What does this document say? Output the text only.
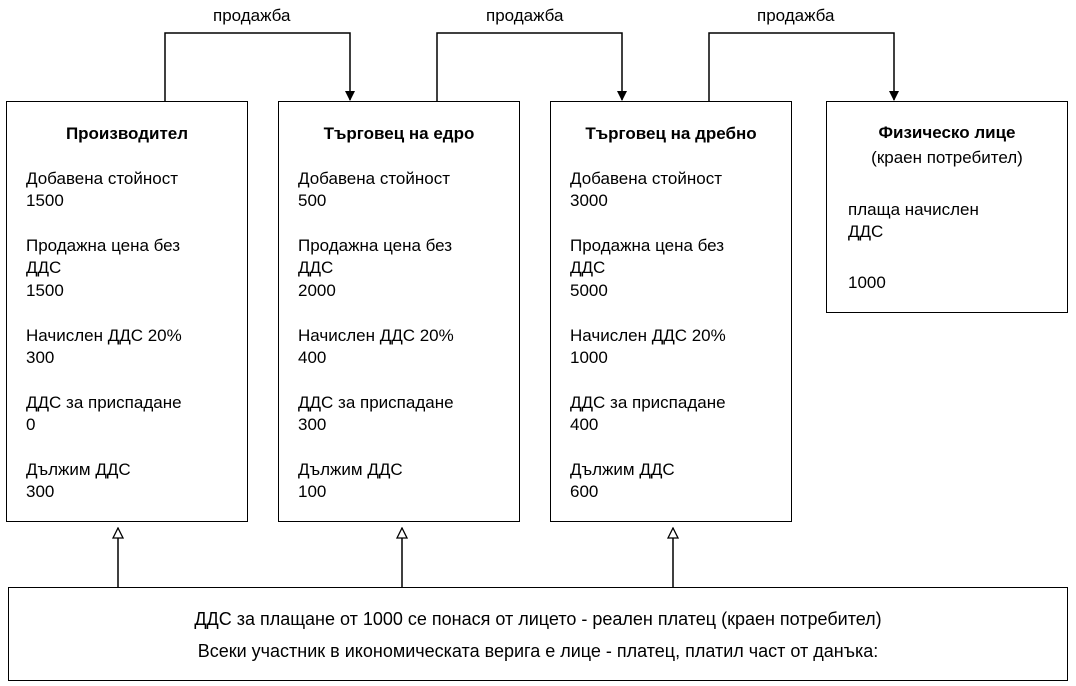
продажба	продажба	продажба
Производител
Добавена стойност
1500
Продажна цена без
ДДС
1500
Начислен ДДС 20%
300
ДДС за приспадане
0
Дължим ДДС
300
Търговец на едро
Добавена стойност
500
Продажна цена без
ДДС
2000
Начислен ДДС 20%
400
ДДС за приспадане
300
Дължим ДДС
100
Търговец на дребно
Добавена стойност
3000
Продажна цена без
ДДС
5000
Начислен ДДС 20%
1000
ДДС за приспадане
400
Дължим ДДС
600
Физическо лице
(краен потребител)
плаща начислен
ДДС
1000
ДДС за плащане от 1000 се понася от лицето - реален платец (краен потребител)
Всеки участник в икономическата верига е лице - платец, платил част от данъка:
